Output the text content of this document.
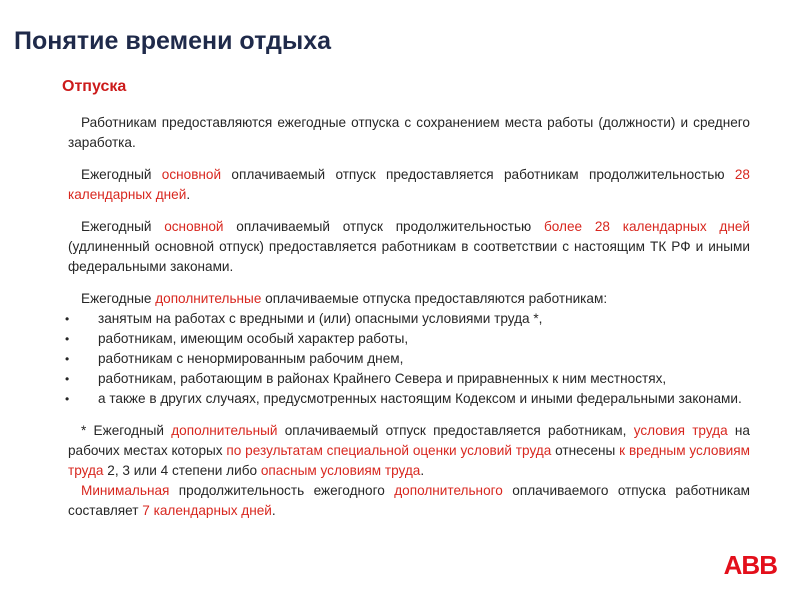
Понятие времени отдыха
Отпуска

Работникам предоставляются ежегодные отпуска с сохранением места работы (должности) и среднего заработка.

Ежегодный основной оплачиваемый отпуск предоставляется работникам продолжительностью 28 календарных дней.

Ежегодный основной оплачиваемый отпуск продолжительностью более 28 календарных дней (удлиненный основной отпуск) предоставляется работникам в соответствии с настоящим ТК РФ и иными федеральными законами.

Ежегодные дополнительные оплачиваемые отпуска предоставляются работникам:

• занятым на работах с вредными и (или) опасными условиями труда *,
• работникам, имеющим особый характер работы,
• работникам с ненормированным рабочим днем,
• работникам, работающим в районах Крайнего Севера и приравненных к ним местностях,
• а также в других случаях, предусмотренных настоящим Кодексом и иными федеральными законами.

* Ежегодный дополнительный оплачиваемый отпуск предоставляется работникам, условия труда на рабочих местах которых по результатам специальной оценки условий труда отнесены к вредным условиям труда 2, 3 или 4 степени либо опасным условиям труда.

Минимальная продолжительность ежегодного дополнительного оплачиваемого отпуска работникам составляет 7 календарных дней.

ABB
